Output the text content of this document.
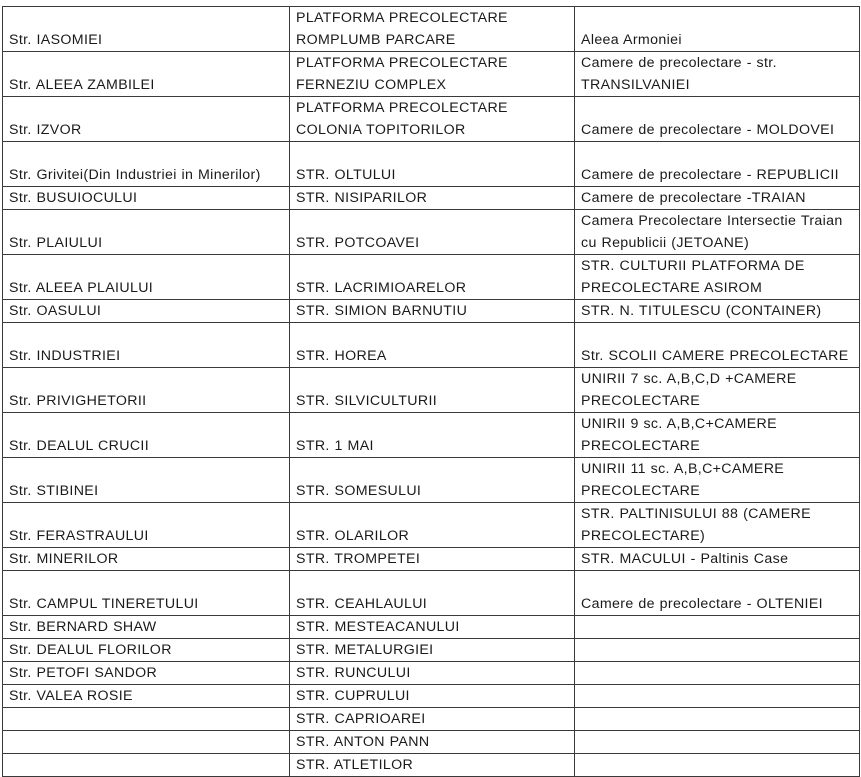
Str. IASOMIEI	PLATFORMA PRECOLECTARE ROMPLUMB PARCARE	Aleea Armoniei
Str. ALEEA ZAMBILEI	PLATFORMA PRECOLECTARE FERNEZIU COMPLEX	Camere de precolectare - str. TRANSILVANIEI
Str. IZVOR	PLATFORMA PRECOLECTARE COLONIA TOPITORILOR	Camere de precolectare - MOLDOVEI
Str. Grivitei(Din Industriei in Minerilor)	STR. OLTULUI	Camere de precolectare - REPUBLICII
Str. BUSUIOCULUI	STR. NISIPARILOR	Camere de precolectare -TRAIAN
Str. PLAIULUI	STR. POTCOAVEI	Camera Precolectare Intersectie Traian cu Republicii (JETOANE)
Str. ALEEA PLAIULUI	STR. LACRIMIOARELOR	STR. CULTURII PLATFORMA DE PRECOLECTARE ASIROM
Str. OASULUI	STR. SIMION BARNUTIU	STR. N. TITULESCU (CONTAINER)
Str. INDUSTRIEI	STR. HOREA	Str. SCOLII CAMERE PRECOLECTARE
Str. PRIVIGHETORII	STR. SILVICULTURII	UNIRII 7 sc. A,B,C,D +CAMERE PRECOLECTARE
Str. DEALUL CRUCII	STR. 1 MAI	UNIRII 9 sc. A,B,C+CAMERE PRECOLECTARE
Str. STIBINEI	STR. SOMESULUI	UNIRII 11 sc. A,B,C+CAMERE PRECOLECTARE
Str. FERASTRAULUI	STR. OLARILOR	STR. PALTINISULUI 88 (CAMERE PRECOLECTARE)
Str. MINERILOR	STR. TROMPETEI	STR. MACULUI - Paltinis Case
Str. CAMPUL TINERETULUI	STR. CEAHLAULUI	Camere de precolectare - OLTENIEI
Str. BERNARD SHAW	STR. MESTEACANULUI	
Str. DEALUL FLORILOR	STR. METALURGIEI	
Str. PETOFI SANDOR	STR. RUNCULUI	
Str. VALEA ROSIE	STR. CUPRULUI	
	STR. CAPRIOAREI	
	STR. ANTON PANN	
	STR. ATLETILOR	
